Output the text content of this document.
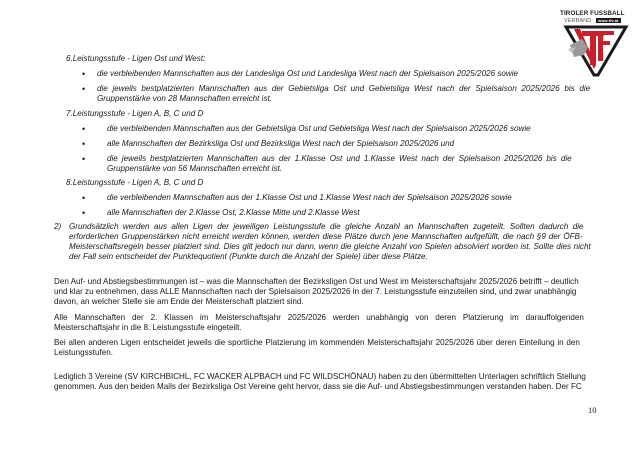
TIROLER FUSSBALL
VERBAND	www.tfv.at
6.Leistungsstufe - Ligen Ost und West:
• die verbleibenden Mannschaften aus der Landesliga Ost und Landesliga West nach der Spielsaison 2025/2026 sowie
• die jeweils bestplatzierten Mannschaften aus der Gebietsliga Ost und Gebietsliga West nach der Spielsaison 2025/2026 bis die
Gruppenstärke von 28 Mannschaften erreicht ist.
7.Leistungsstufe - Ligen A, B, C und D
•	die verbleibenden Mannschaften aus der Gebietsliga Ost und Gebietsliga West nach der Spielsaison 2025/2026 sowie
•	alle Mannschaften der Bezirksliga Ost und Bezirksliga West nach der Spielsaison 2025/2026 und
•	die jeweils bestplatzierten Mannschaften aus der 1.Klasse Ost und 1.Klasse West nach der Spielsaison 2025/2026 bis die
Gruppenstärke von 56 Mannschaften erreicht ist.
8.Leistungsstufe - Ligen A, B, C und D
•	die verbleibenden Mannschaften aus der 1.Klasse Ost und 1.Klasse West nach der Spielsaison 2025/2026 sowie
•	alle Mannschaften der 2.Klasse Ost, 2.Klasse Mitte und 2.Klasse West
2) Grundsätzlich werden aus allen Ligen der jeweiligen Leistungsstufe die gleiche Anzahl an Mannschaften zugeteilt. Sollten dadurch die
erforderlichen Gruppenstärken nicht erreicht werden können, werden diese Plätze durch jene Mannschaften aufgefüllt, die nach §9 der ÖFB-
Meisterschaftsregeln besser platziert sind. Dies gilt jedoch nur dann, wenn die gleiche Anzahl von Spielen absolviert worden ist. Sollte dies nicht
der Fall sein entscheidet der Punktequotient (Punkte durch die Anzahl der Spiele) über diese Plätze.
Den Auf- und Abstiegsbestimmungen ist – was die Mannschaften der Bezirksligen Ost und West im Meisterschaftsjahr 2025/2026 betrifft – deutlich
und klar zu entnehmen, dass ALLE Mannschaften nach der Spielsaison 2025/2026 in der 7. Leistungsstufe einzuteilen sind, und zwar unabhängig
davon, an welcher Stelle sie am Ende der Meisterschaft platziert sind.
Alle Mannschaften der 2. Klassen im Meisterschaftsjahr 2025/2026 werden unabhängig von deren Platzierung im darauffolgenden
Meisterschaftsjahr in die 8. Leistungsstufe eingeteilt.
Bei allen anderen Ligen entscheidet jeweils die sportliche Platzierung im kommenden Meisterschaftsjahr 2025/2026 über deren Einteilung in den
Leistungsstufen.
Lediglich 3 Vereine (SV KIRCHBICHL, FC WACKER ALPBACH und FC WILDSCHÖNAU) haben zu den übermittelten Unterlagen schriftlich Stellung
genommen. Aus den beiden Mails der Bezirksliga Ost Vereine geht hervor, dass sie die Auf- und Abstiegsbestimmungen verstanden haben. Der FC
10
